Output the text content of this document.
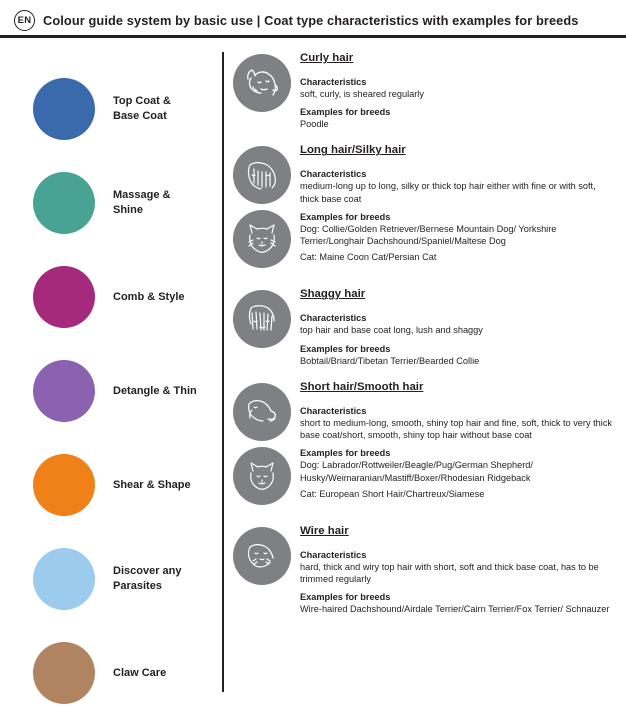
EN Colour guide system by basic use | Coat type characteristics with examples for breeds
Top Coat & Base Coat
Massage & Shine
Comb & Style
Detangle & Thin
Shear & Shape
Discover any Parasites
Claw Care
Curly hair
Characteristics
soft, curly, is sheared regularly
Examples for breeds
Poodle
Long hair/Silky hair
Characteristics
medium-long up to long, silky or thick top hair either with fine or with soft, thick base coat
Examples for breeds
Dog: Collie/Golden Retriever/Bernese Mountain Dog/ Yorkshire Terrier/Longhair Dachshound/Spaniel/Maltese Dog
Cat: Maine Coon Cat/Persian Cat
Shaggy hair
Characteristics
top hair and base coat long, lush and shaggy
Examples for breeds
Bobtail/Briard/Tibetan Terrier/Bearded Collie
Short hair/Smooth hair
Characteristics
short to medium-long, smooth, shiny top hair and fine, soft, thick to very thick base coat/short, smooth, shiny top hair without base coat
Examples for breeds
Dog: Labrador/Rottweiler/Beagle/Pug/German Shepherd/ Husky/Weimaranian/Mastiff/Boxer/Rhodesian Ridgeback
Cat: European Short Hair/Chartreux/Siamese
Wire hair
Characteristics
hard, thick and wiry top hair with short, soft and thick base coat, has to be trimmed regularly
Examples for breeds
Wire-haired Dachshound/Airdale Terrier/Cairn Terrier/Fox Terrier/ Schnauzer
